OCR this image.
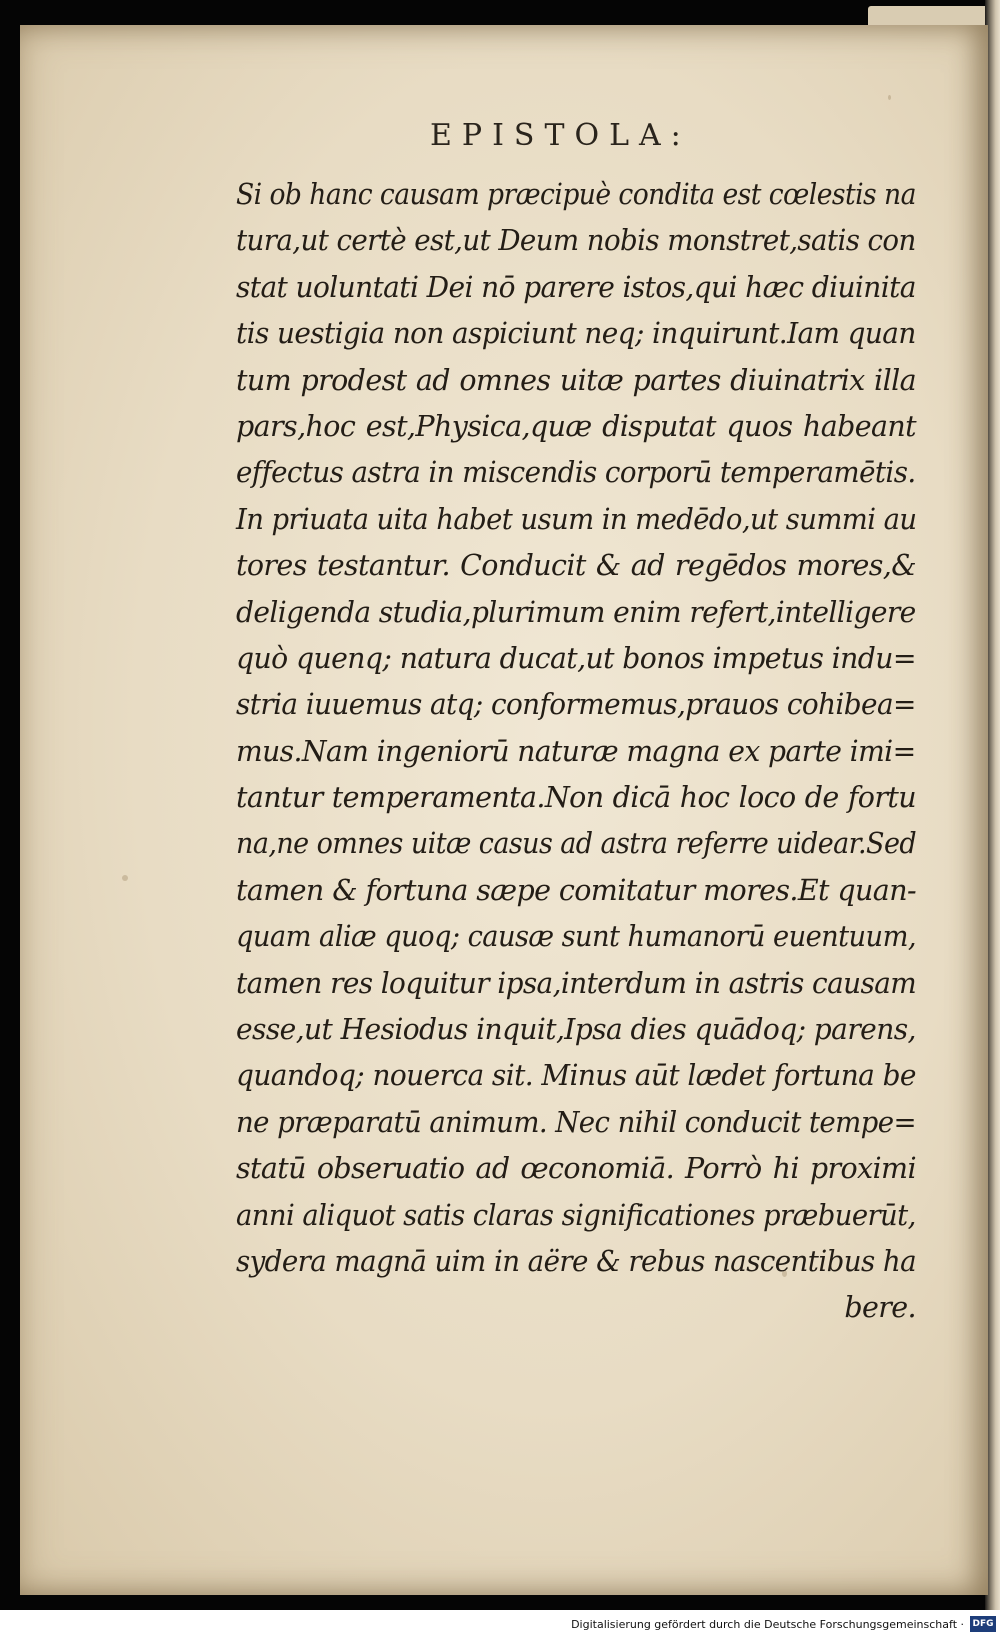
EPISTOLA:
Si ob hanc causam præcipuè condita est cœlestis na
tura,ut certè est,ut Deum nobis monstret,satis con
stat uoluntati Dei nō parere istos,qui hæc diuinita
tis uestigia non aspiciunt neq; inquirunt.Iam quan
tum prodest ad omnes uitæ partes diuinatrix illa
pars,hoc est,Physica,quæ disputat quos habeant
effectus astra in miscendis corporū temperamētis.
In priuata uita habet usum in medēdo,ut summi au
tores testantur. Conducit & ad regēdos mores,&
deligenda studia,plurimum enim refert,intelligere
quò quenq; natura ducat,ut bonos impetus indu=
stria iuuemus atq; conformemus,prauos cohibea=
mus.Nam ingeniorū naturæ magna ex parte imi=
tantur temperamenta.Non dicā hoc loco de fortu
na,ne omnes uitæ casus ad astra referre uidear.Sed
tamen & fortuna sæpe comitatur mores.Et quan-
quam aliæ quoq; causæ sunt humanorū euentuum,
tamen res loquitur ipsa,interdum in astris causam
esse,ut Hesiodus inquit,Ipsa dies quādoq; parens,
quandoq; nouerca sit. Minus aūt lædet fortuna be
ne præparatū animum. Nec nihil conducit tempe=
statū obseruatio ad œconomiā. Porrò hi proximi
anni aliquot satis claras significationes præbuerūt,
sydera magnā uim in aëre & rebus nascentibus ha
bere.
Digitalisierung gefördert durch die Deutsche Forschungsgemeinschaft · DFG
